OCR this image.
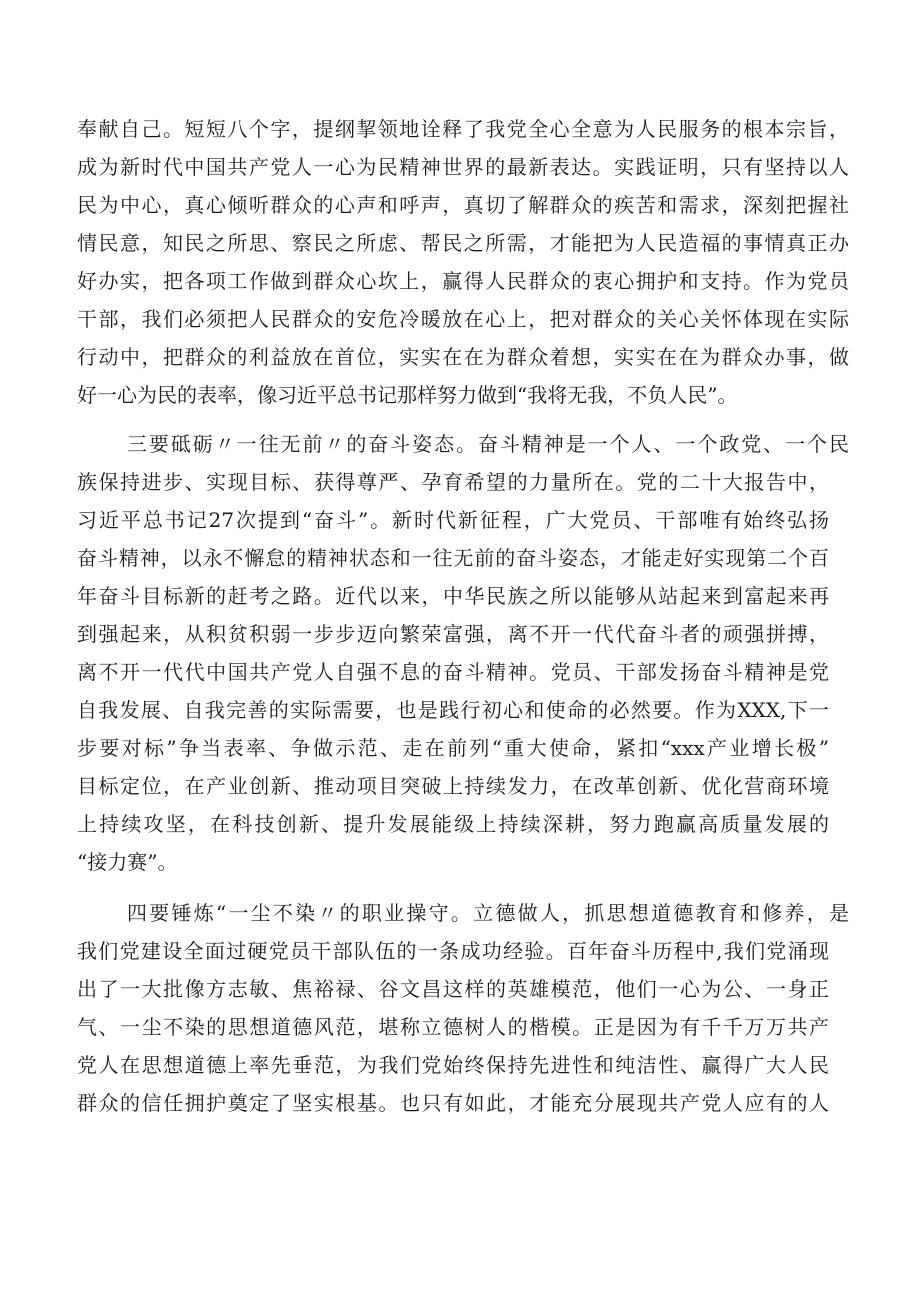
奉献自己。短短八个字，提纲挈领地诠释了我党全心全意为人民服务的根本宗旨，

成为新时代中国共产党人一心为民精神世界的最新表达。实践证明，只有坚持以人

民为中心，真心倾听群众的心声和呼声，真切了解群众的疾苦和需求，深刻把握社

情民意，知民之所思、察民之所虑、帮民之所需，才能把为人民造福的事情真正办

好办实，把各项工作做到群众心坎上，赢得人民群众的衷心拥护和支持。作为党员

干部，我们必须把人民群众的安危冷暖放在心上，把对群众的关心关怀体现在实际

行动中，把群众的利益放在首位，实实在在为群众着想，实实在在为群众办事，做

好一心为民的表率，像习近平总书记那样努力做到“我将无我，不负人民”。

三要砥砺〃一往无前〃的奋斗姿态。奋斗精神是一个人、一个政党、一个民

族保持进步、实现目标、获得尊严、孕育希望的力量所在。党的二十大报告中，

习近平总书记27次提到“奋斗”。新时代新征程，广大党员、干部唯有始终弘扬

奋斗精神，以永不懈怠的精神状态和一往无前的奋斗姿态，才能走好实现第二个百

年奋斗目标新的赶考之路。近代以来，中华民族之所以能够从站起来到富起来再

到强起来，从积贫积弱一步步迈向繁荣富强，离不开一代代奋斗者的顽强拼搏，

离不开一代代中国共产党人自强不息的奋斗精神。党员、干部发扬奋斗精神是党

自我发展、自我完善的实际需要，也是践行初心和使命的必然要。作为XXX,下一

步要对标”争当表率、争做示范、走在前列“重大使命，紧扣“xxx产业增长极”

目标定位，在产业创新、推动项目突破上持续发力，在改革创新、优化营商环境

上持续攻坚，在科技创新、提升发展能级上持续深耕，努力跑赢高质量发展的

“接力赛”。

四要锤炼“一尘不染〃的职业操守。立德做人，抓思想道德教育和修养，是

我们党建设全面过硬党员干部队伍的一条成功经验。百年奋斗历程中,我们党涌现

出了一大批像方志敏、焦裕禄、谷文昌这样的英雄模范，他们一心为公、一身正

气、一尘不染的思想道德风范，堪称立德树人的楷模。正是因为有千千万万共产

党人在思想道德上率先垂范，为我们党始终保持先进性和纯洁性、赢得广大人民

群众的信任拥护奠定了坚实根基。也只有如此，才能充分展现共产党人应有的人
